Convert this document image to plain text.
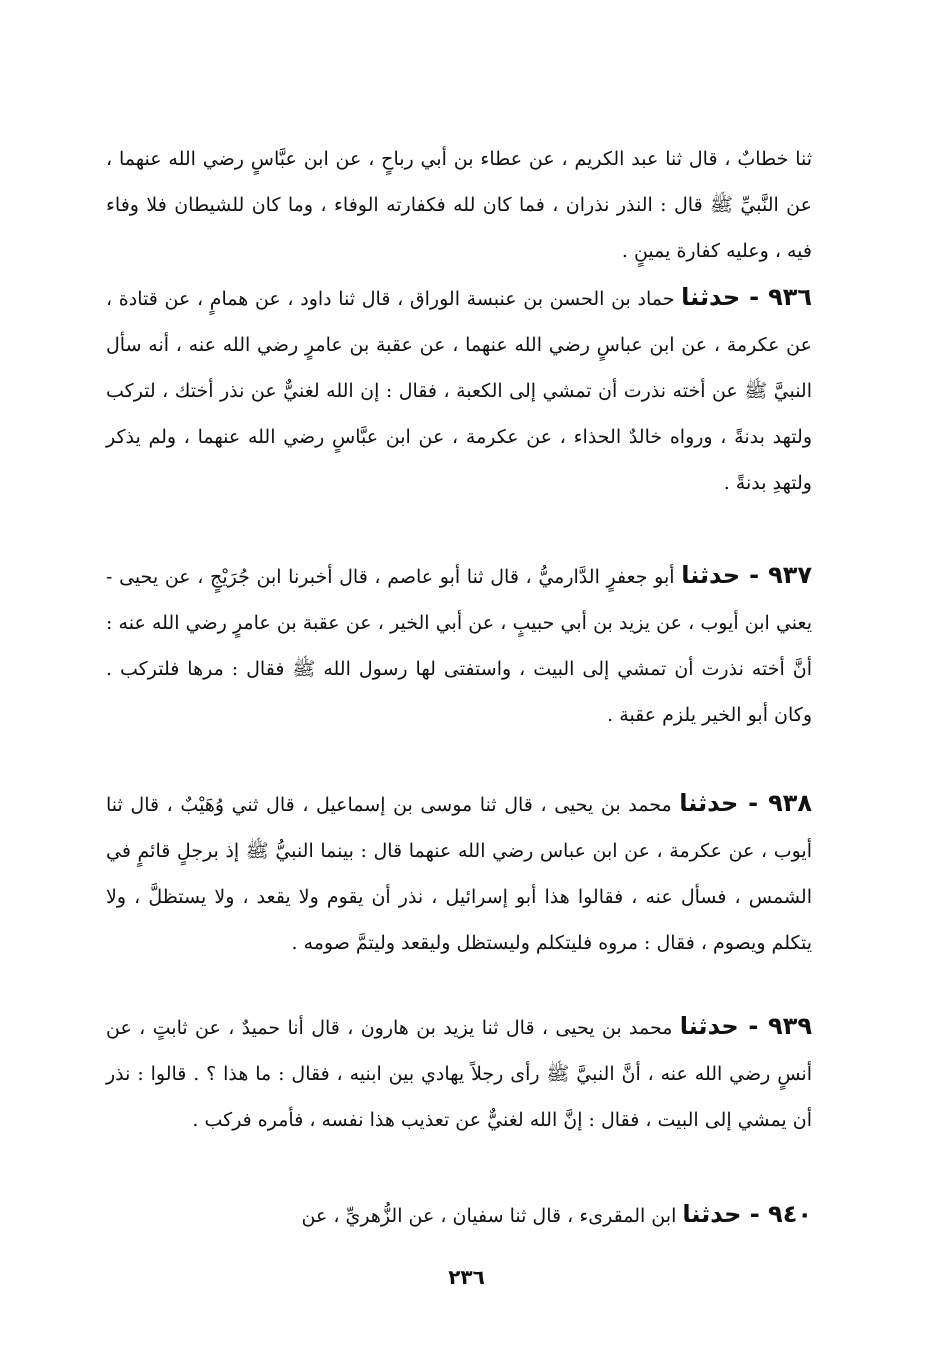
ثنا خطابٌ ، قال ثنا عبد الكريم ، عن عطاء بن أبي رباحٍ ، عن ابن عبَّاسٍ رضي الله عنهما ، عن النَّبيِّ ﷺ قال : النذر نذران ، فما كان لله فكفارته الوفاء ، وما كان للشيطان فلا وفاء فيه ، وعليه كفارة يمينٍ .
٩٣٦ - حدثنا حماد بن الحسن بن عنبسة الوراق ، قال ثنا داود ، عن همامٍ ، عن قتادة ، عن عكرمة ، عن ابن عباسٍ رضي الله عنهما ، عن عقبة بن عامرٍ رضي الله عنه ، أنه سأل النبيَّ ﷺ عن أخته نذرت أن تمشي إلى الكعبة ، فقال : إن الله لغنيٌّ عن نذر أختك ، لتركب ولتهد بدنةً ، ورواه خالدٌ الحذاء ، عن عكرمة ، عن ابن عبَّاسٍ رضي الله عنهما ، ولم يذكر ولتهدِ بدنةً .
٩٣٧ - حدثنا أبو جعفرٍ الدَّارميُّ ، قال ثنا أبو عاصم ، قال أخبرنا ابن جُرَيْجٍ ، عن يحيى - يعني ابن أيوب ، عن يزيد بن أبي حبيبٍ ، عن أبي الخير ، عن عقبة بن عامرٍ رضي الله عنه : أنَّ أخته نذرت أن تمشي إلى البيت ، واستفتى لها رسول الله ﷺ فقال : مرها فلتركب . وكان أبو الخير يلزم عقبة .
٩٣٨ - حدثنا محمد بن يحيى ، قال ثنا موسى بن إسماعيل ، قال ثني وُهَيْبٌ ، قال ثنا أيوب ، عن عكرمة ، عن ابن عباس رضي الله عنهما قال : بينما النبيُّ ﷺ إذ برجلٍ قائمٍ في الشمس ، فسأل عنه ، فقالوا هذا أبو إسرائيل ، نذر أن يقوم ولا يقعد ، ولا يستظلَّ ، ولا يتكلم ويصوم ، فقال : مروه فليتكلم وليستظل وليقعد وليتمَّ صومه .
٩٣٩ - حدثنا محمد بن يحيى ، قال ثنا يزيد بن هارون ، قال أنا حميدٌ ، عن ثابتٍ ، عن أنسٍ رضي الله عنه ، أنَّ النبيَّ ﷺ رأى رجلاً يهادي بين ابنيه ، فقال : ما هذا ؟ . قالوا : نذر أن يمشي إلى البيت ، فقال : إنَّ الله لغنيٌّ عن تعذيب هذا نفسه ، فأمره فركب .
٩٤٠ - حدثنا ابن المقرىء ، قال ثنا سفيان ، عن الزُّهريِّ ، عن
٢٣٦
